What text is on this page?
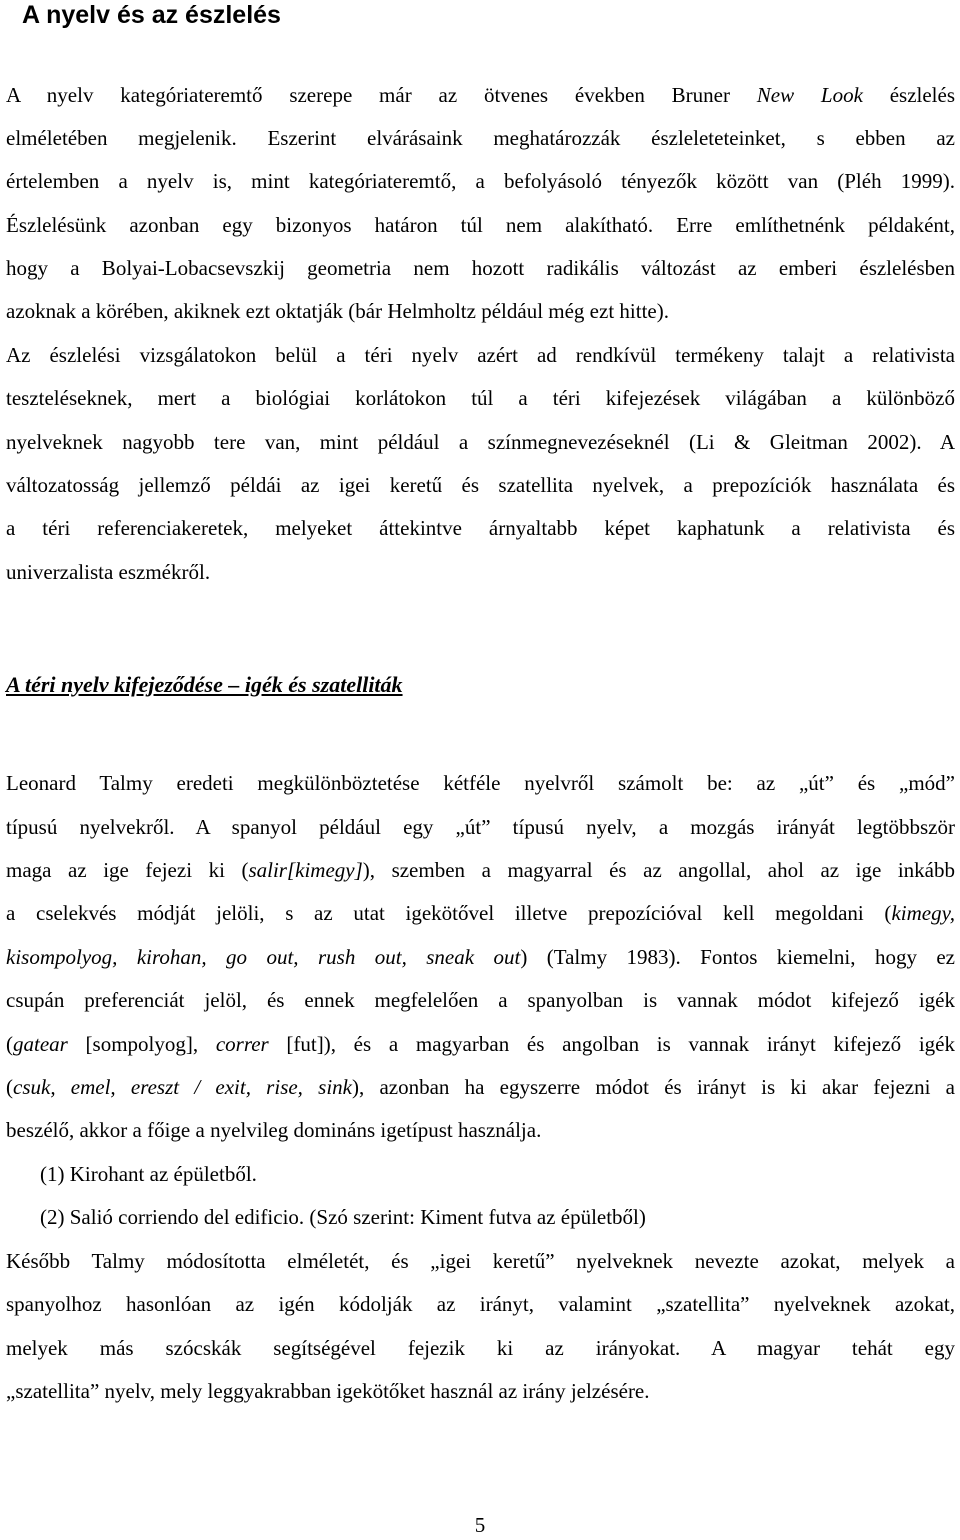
A nyelv és az észlelés
A nyelv kategóriateremtő szerepe már az ötvenes években Bruner New Look észlelés
elméletében megjelenik. Eszerint elvárásaink meghatározzák észleleteteinket, s ebben az
értelemben a nyelv is, mint kategóriateremtő, a befolyásoló tényezők között van (Pléh 1999).
Észlelésünk azonban egy bizonyos határon túl nem alakítható. Erre említhetnénk példaként,
hogy a Bolyai-Lobacsevszkij geometria nem hozott radikális változást az emberi észlelésben
azoknak a körében, akiknek ezt oktatják (bár Helmholtz például még ezt hitte).
Az észlelési vizsgálatokon belül a téri nyelv azért ad rendkívül termékeny talajt a relativista
teszteléseknek, mert a biológiai korlátokon túl a téri kifejezések világában a különböző
nyelveknek nagyobb tere van, mint például a színmegnevezéseknél (Li & Gleitman 2002). A
változatosság jellemző példái az igei keretű és szatellita nyelvek, a prepozíciók használata és
a téri referenciakeretek, melyeket áttekintve árnyaltabb képet kaphatunk a relativista és
univerzalista eszmékről.
A téri nyelv kifejeződése – igék és szatelliták
Leonard Talmy eredeti megkülönböztetése kétféle nyelvről számolt be: az „út” és „mód”
típusú nyelvekről. A spanyol például egy „út” típusú nyelv, a mozgás irányát legtöbbször
maga az ige fejezi ki (salir[kimegy]), szemben a magyarral és az angollal, ahol az ige inkább
a cselekvés módját jelöli, s az utat igekötővel illetve prepozícióval kell megoldani (kimegy,
kisompolyog, kirohan, go out, rush out, sneak out) (Talmy 1983). Fontos kiemelni, hogy ez
csupán preferenciát jelöl, és ennek megfelelően a spanyolban is vannak módot kifejező igék
(gatear [sompolyog], correr [fut]), és a magyarban és angolban is vannak irányt kifejező igék
(csuk, emel, ereszt / exit, rise, sink), azonban ha egyszerre módot és irányt is ki akar fejezni a
beszélő, akkor a főige a nyelvileg domináns igetípust használja.
(1) Kirohant az épületből.
(2) Salió corriendo del edificio. (Szó szerint: Kiment futva az épületből)
Később Talmy módosította elméletét, és „igei keretű” nyelveknek nevezte azokat, melyek a
spanyolhoz hasonlóan az igén kódolják az irányt, valamint „szatellita” nyelveknek azokat,
melyek más szócskák segítségével fejezik ki az irányokat. A magyar tehát egy
„szatellita” nyelv, mely leggyakrabban igekötőket használ az irány jelzésére.
5
